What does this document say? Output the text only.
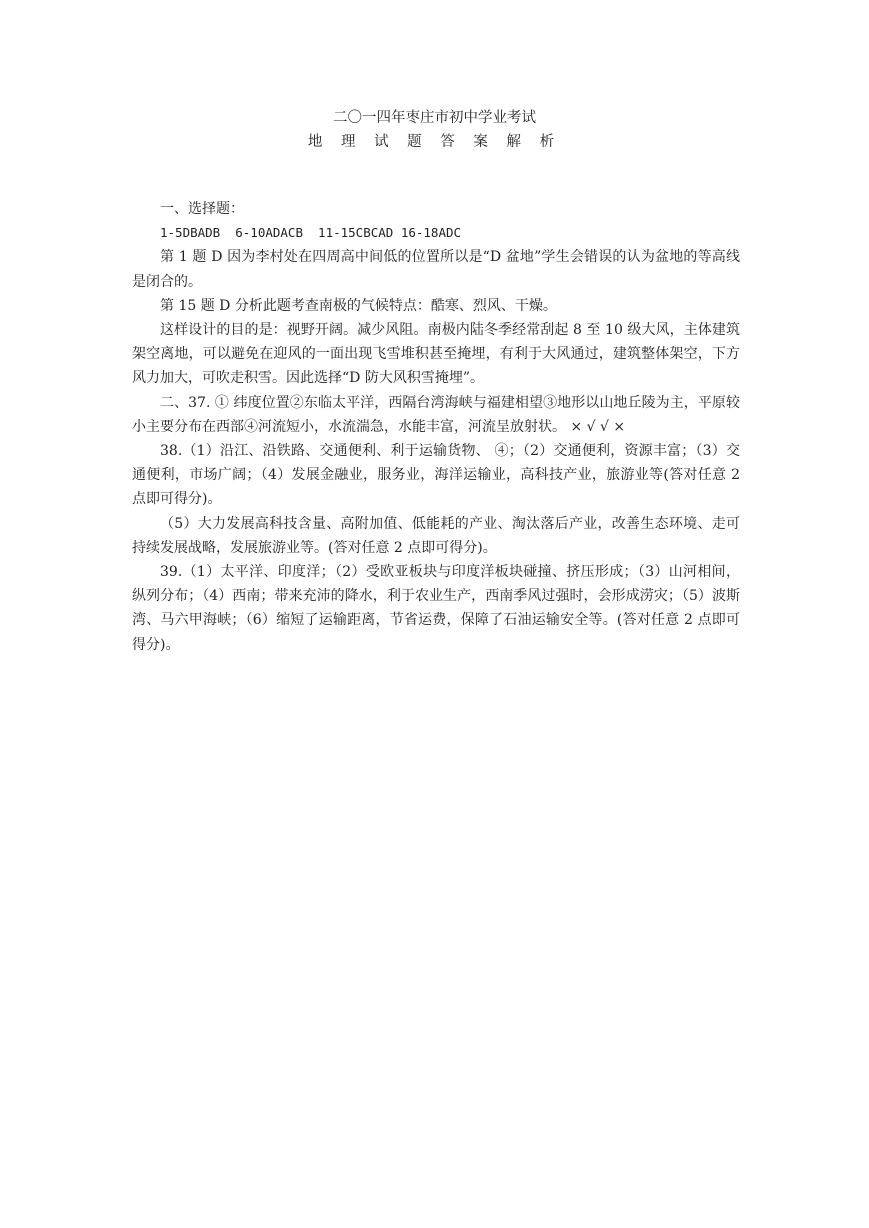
二〇一四年枣庄市初中学业考试

地 理 试 题 答 案 解 析

一、选择题：

1-5DBADB  6-10ADACB  11-15CBCAD 16-18ADC

第 1 题 D 因为李村处在四周高中间低的位置所以是“D 盆地”学生会错误的认为盆地的等高线是闭合的。

第 15 题 D 分析此题考查南极的气候特点：酷寒、烈风、干燥。

这样设计的目的是：视野开阔。减少风阻。南极内陆冬季经常刮起 8 至 10 级大风，主体建筑架空离地，可以避免在迎风的一面出现飞雪堆积甚至掩埋，有利于大风通过，建筑整体架空，下方风力加大，可吹走积雪。因此选择“D 防大风积雪掩埋”。

二、37. ① 纬度位置②东临太平洋，西隔台湾海峡与福建相望③地形以山地丘陵为主，平原较小主要分布在西部④河流短小，水流湍急，水能丰富，河流呈放射状。 × √ √ ×

38.（1）沿江、沿铁路、交通便利、利于运输货物、 ④；（2）交通便利，资源丰富；（3）交通便利，市场广阔；（4）发展金融业，服务业，海洋运输业，高科技产业，旅游业等(答对任意 2 点即可得分)。

（5）大力发展高科技含量、高附加值、低能耗的产业、淘汰落后产业，改善生态环境、走可持续发展战略，发展旅游业等。(答对任意 2 点即可得分)。

39.（1）太平洋、印度洋；（2）受欧亚板块与印度洋板块碰撞、挤压形成；（3）山河相间，纵列分布；（4）西南；带来充沛的降水，利于农业生产，西南季风过强时，会形成涝灾；（5）波斯湾、马六甲海峡；（6）缩短了运输距离，节省运费，保障了石油运输安全等。(答对任意 2 点即可得分)。
